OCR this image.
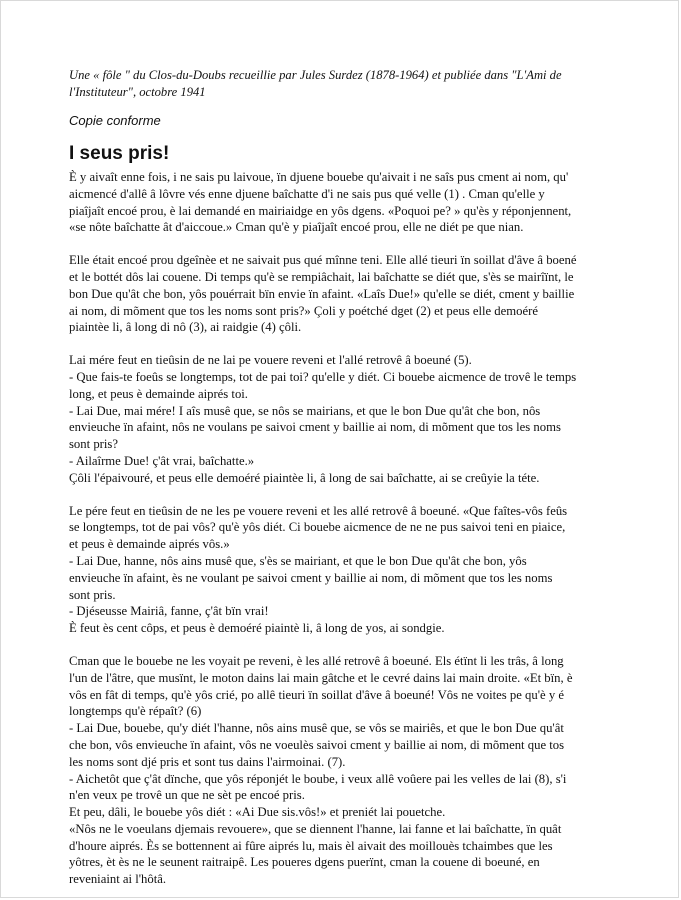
Une « fôle " du Clos-du-Doubs recueillie par Jules Surdez (1878-1964) et publiée dans "L'Ami de
l'Instituteur", octobre 1941
Copie conforme
I seus pris!
È y aivaît enne fois, i ne sais pu laivoue, ïn djuene bouebe qu'aivait i ne saîs pus cment ai nom, qu'
aicmencé d'allê â lôvre vés enne djuene baîchatte d'i ne sais pus qué velle (1) . Cman qu'elle y
piaîjaît encoé prou, è lai demandé en mairiaidge en yôs dgens. «Poquoi pe? » qu'ès y réponjennent,
«se nôte baîchatte ât d'aiccoue.» Cman qu'è y piaîjaît encoé prou, elle ne diét pe que nian.
Elle était encoé prou dgeînèe et ne saivait pus qué mînne teni. Elle allé tieuri ïn soillat d'âve â boené
et le bottét dôs lai couene. Di temps qu'è se rempiâchait, lai baîchatte se diét que, s'ès se mairîïnt, le
bon Due qu'ât che bon, yôs pouérrait bïn envie ïn afaint. «Laîs Due!» qu'elle se diét, cment y baillie
ai nom, di mõment que tos les noms sont pris?» Çoli y poétché dget (2) et peus elle demoéré
piaintèe li, â long di nô (3), ai raidgie (4) çôli.
Lai mére feut en tieûsin de ne lai pe vouere reveni et l'allé retrovê â boeuné (5).
- Que fais-te foeûs se longtemps, tot de pai toi? qu'elle y diét. Ci bouebe aicmence de trovê le temps
long, et peus è demainde aiprés toi.
- Lai Due, mai mére! I aîs musê que, se nôs se mairians, et que le bon Due qu'ât che bon, nôs
envieuche ïn afaint, nôs ne voulans pe saivoi cment y baillie ai nom, di mõment que tos les noms
sont pris?
- Ailaîrme Due! ç'ât vrai, baîchatte.»
Çôli l'épaivouré, et peus elle demoéré piaintèe li, â long de sai baîchatte, ai se creûyie la téte.
Le pére feut en tieûsin de ne les pe vouere reveni et les allé retrovê â boeuné. «Que faîtes-vôs feûs
se longtemps, tot de pai vôs? qu'è yôs diét. Ci bouebe aicmence de ne ne pus saivoi teni en piaice,
et peus è demainde aiprés vôs.»
- Lai Due, hanne, nôs ains musê que, s'ès se mairiant, et que le bon Due qu'ât che bon, yôs
envieuche ïn afaint, ès ne voulant pe saivoi cment y baillie ai nom, di mõment que tos les noms
sont pris.
- Djéseusse Mairiâ, fanne, ç'ât bïn vrai!
È feut ès cent côps, et peus è demoéré piaintè li, â long de yos, ai sondgie.
Cman que le bouebe ne les voyait pe reveni, è les allé retrovê â boeuné. Els étïnt li les trâs, â long
l'un de l'âtre, que musïnt, le moton dains lai main gâtche et le cevré dains lai main droite. «Et bïn, è
vôs en fât di temps, qu'è yôs crié, po allê tieuri ïn soillat d'âve â boeuné! Vôs ne voites pe qu'è y é
longtemps qu'è répaît? (6)
- Lai Due, bouebe, qu'y diét l'hanne, nôs ains musê que, se vôs se mairiês, et que le bon Due qu'ât
che bon, vôs envieuche ïn afaint, vôs ne voeulès saivoi cment y baillie ai nom, di mõment que tos
les noms sont djé pris et sont tus dains l'airmoinai. (7).
- Aichetôt que ç'ât dïnche, que yôs réponjét le boube, i veux allê voûere pai les velles de lai (8), s'i
n'en veux pe trovê un que ne sèt pe encoé pris.
Et peu, dâli, le bouebe yôs diét : «Ai Due sis.vôs!» et preniét lai pouetche.
«Nôs ne le voeulans djemais revouere», que se diennent l'hanne, lai fanne et lai baîchatte, ïn quât
d'houre aiprés. Ès se bottennent ai fûre aiprés lu, mais èl aivait des moillouès tchaimbes que les
yôtres, èt ès ne le seunent raitraipê. Les poueres dgens puerïnt, cman la couene di boeuné, en
reveniaint ai l'hôtâ.
